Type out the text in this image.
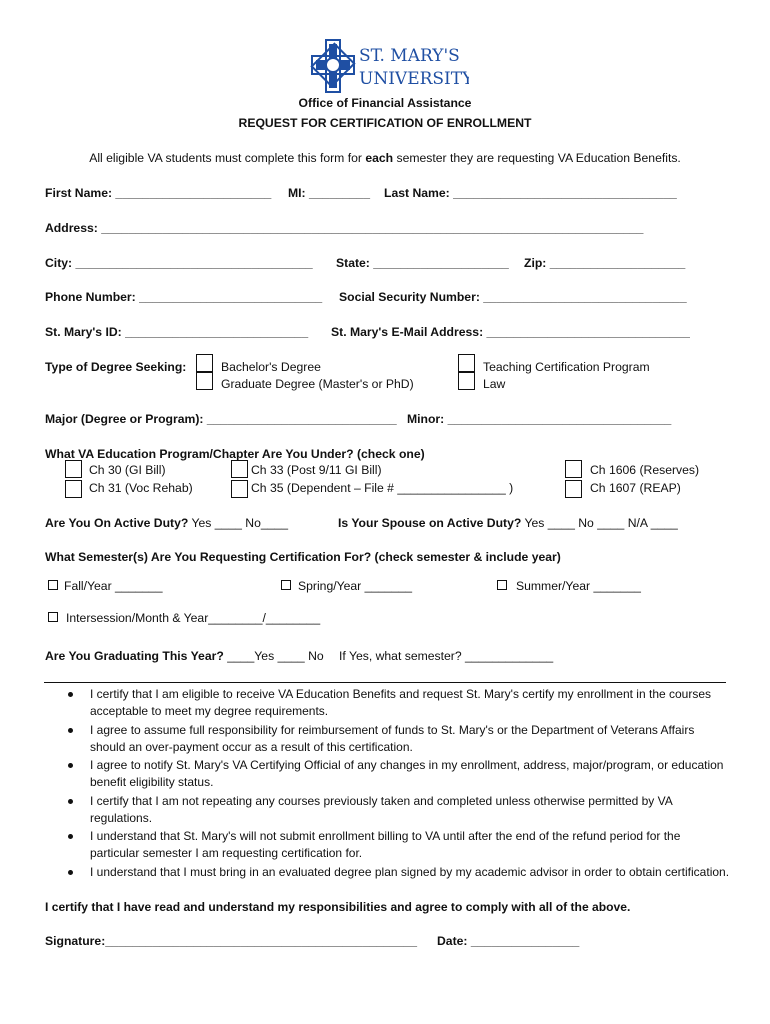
ST. MARY'S
UNIVERSITY
Office of Financial Assistance
REQUEST FOR CERTIFICATION OF ENROLLMENT
All eligible VA students must complete this form for each semester they are requesting VA Education Benefits.
First Name: _______________________ MI: _________ Last Name: _________________________________
Address: ________________________________________________________________________________
City: ___________________________________ State: ____________________ Zip: ____________________
Phone Number: ___________________________ Social Security Number: ______________________________
St. Mary's ID: ___________________________ St. Mary's E-Mail Address: ______________________________
Type of Degree Seeking:	Bachelor's Degree
Graduate Degree (Master's or PhD)
Teaching Certification Program
Law
Major (Degree or Program): ____________________________ Minor: _________________________________
What VA Education Program/Chapter Are You Under? (check one)
Ch 30 (GI Bill)
Ch 31 (Voc Rehab)
Ch 33 (Post 9/11 GI Bill)
Ch 35 (Dependent – File # ________________ )
Ch 1606 (Reserves)
Ch 1607 (REAP)
Are You On Active Duty? Yes ____ No____	Is Your Spouse on Active Duty? Yes ____ No ____ N/A ____
What Semester(s) Are You Requesting Certification For? (check semester & include year)
Fall/Year _______	Spring/Year _______	Summer/Year _______
Intersession/Month & Year________/________
Are You Graduating This Year? ____Yes ____ No If Yes, what semester? _____________
I certify that I am eligible to receive VA Education Benefits and request St. Mary's certify my enrollment in the courses acceptable to meet my degree requirements.
I agree to assume full responsibility for reimbursement of funds to St. Mary's or the Department of Veterans Affairs should an over-payment occur as a result of this certification.
I agree to notify St. Mary's VA Certifying Official of any changes in my enrollment, address, major/program, or education benefit eligibility status.
I certify that I am not repeating any courses previously taken and completed unless otherwise permitted by VA regulations.
I understand that St. Mary's will not submit enrollment billing to VA until after the end of the refund period for the particular semester I am requesting certification for.
I understand that I must bring in an evaluated degree plan signed by my academic advisor in order to obtain certification.
I certify that I have read and understand my responsibilities and agree to comply with all of the above.
Signature:______________________________________________ Date: ________________
